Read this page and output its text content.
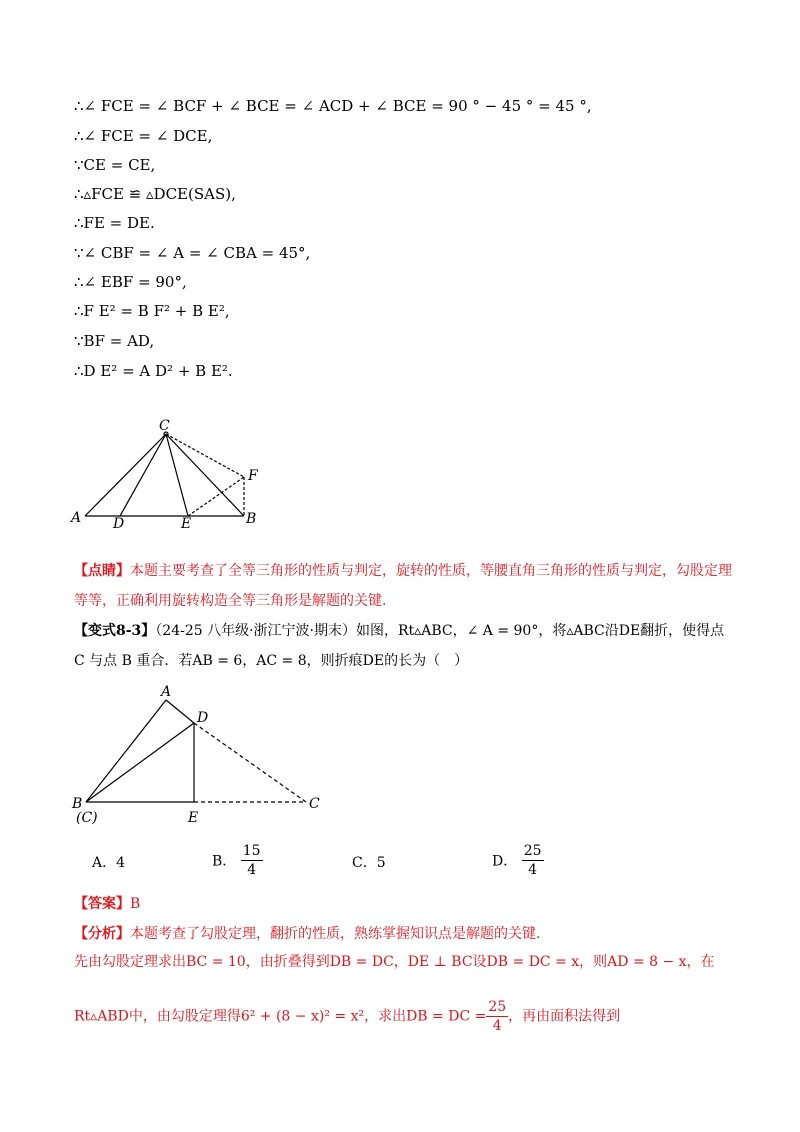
∴∠ FCE = ∠ BCF + ∠ BCE = ∠ ACD + ∠ BCE = 90 ° − 45 ° = 45 °,
∴∠ FCE = ∠ DCE,
∵CE = CE,
∴▵FCE ≌ ▵DCE(SAS),
∴FE = DE.
∵∠ CBF = ∠ A = ∠ CBA = 45°,
∴∠ EBF = 90°,
∴F E² = B F² + B E²,
∵BF = AD,
∴D E² = A D² + B E².
C
A D	E	B
F
【点睛】本题主要考查了全等三角形的性质与判定，旋转的性质，等腰直角三角形的性质与判定，勾股定理等等，正确利用旋转构造全等三角形是解题的关键.
【变式8-3】（24-25 八年级·浙江宁波·期末）如图，Rt▵ABC，∠ A = 90°，将▵ABC沿DE翻折，使得点 C 与点 B 重合．若AB = 6，AC = 8，则折痕DE的长为（　）
A
D
B
(C)	E
C
A．4	B． $\frac{15}{4}$	C．5	D． $\frac{25}{4}$
【答案】B
【分析】本题考查了勾股定理，翻折的性质，熟练掌握知识点是解题的关键.
先由勾股定理求出BC = 10，由折叠得到DB = DC，DE ⊥ BC设DB = DC = x，则AD = 8 − x，在
Rt▵ABD中，由勾股定理得6² + (8 − x)² = x²，求出DB = DC = $\frac{25}{4}$ ，再由面积法得到
